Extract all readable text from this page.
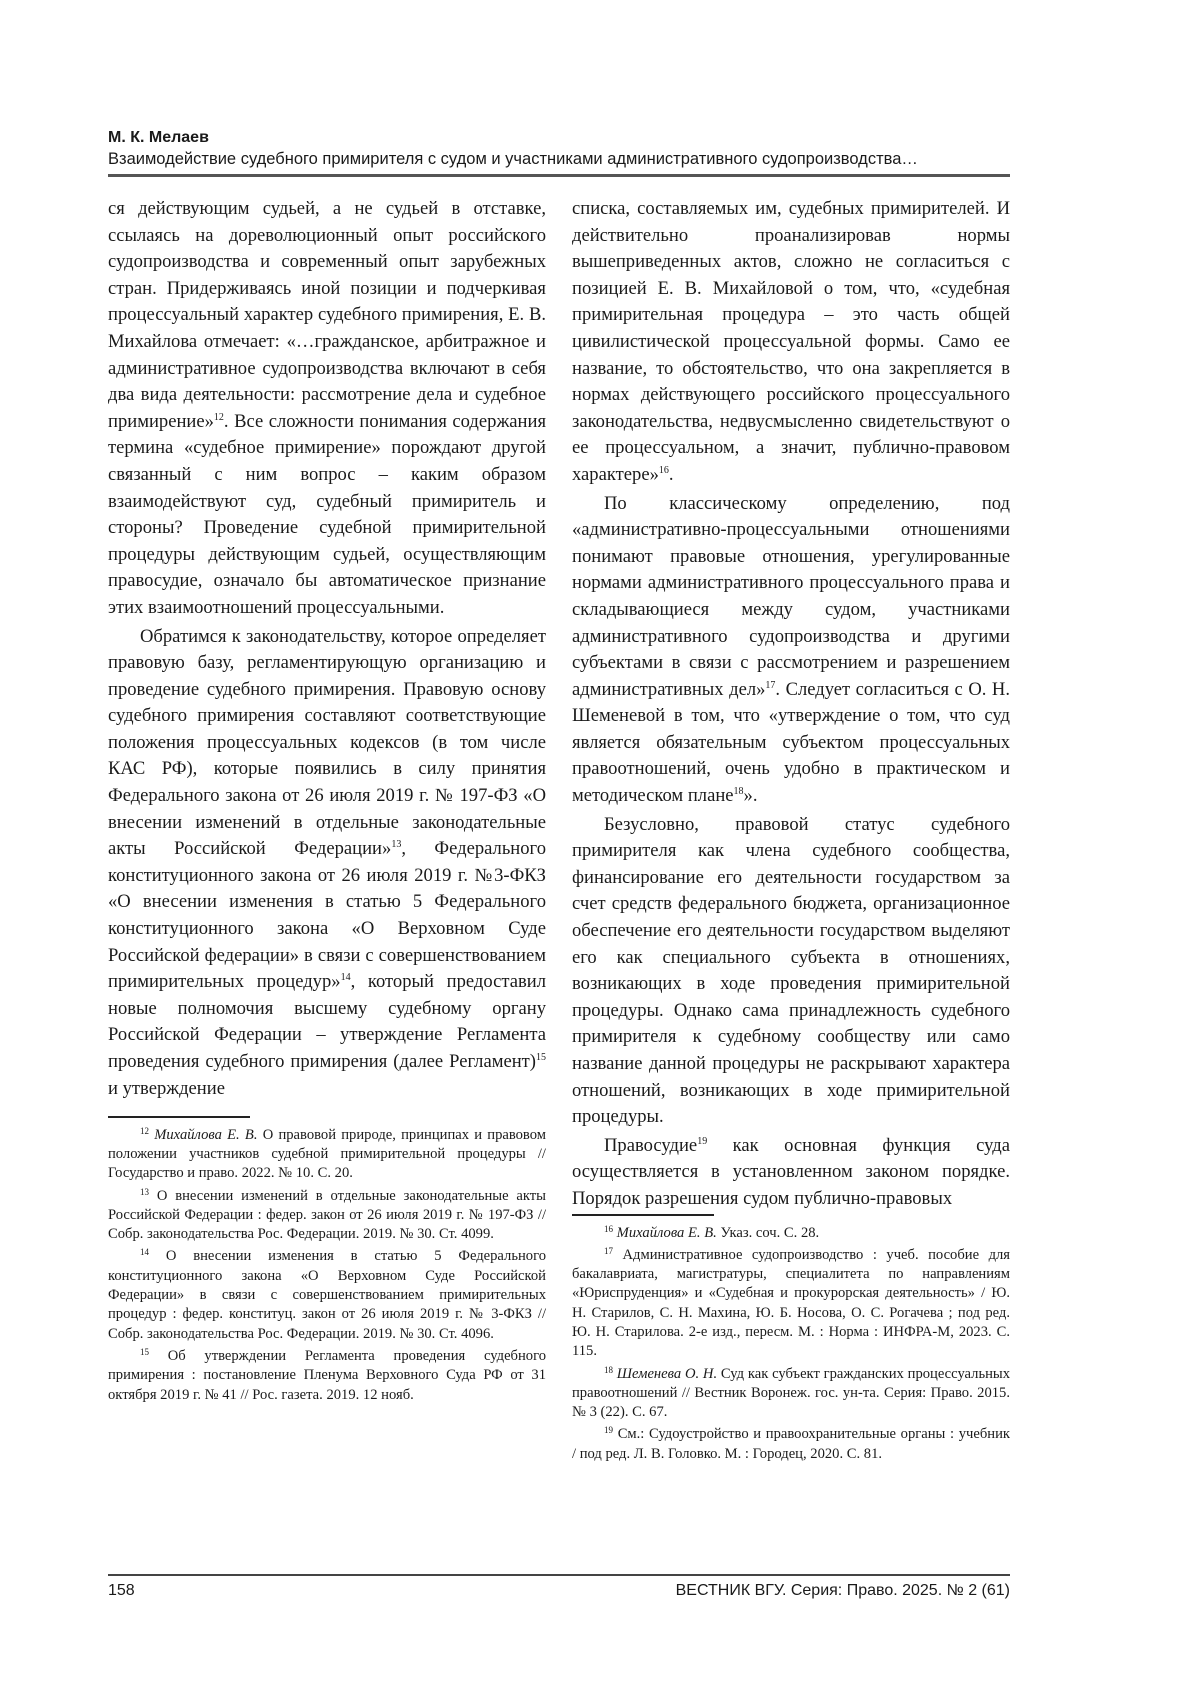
М. К. Мелаев
Взаимодействие судебного примирителя с судом и участниками административного судопроизводства…

ся действующим судьей, а не судьей в отставке, ссылаясь на дореволюционный опыт российского судопроизводства и современный опыт зарубежных стран. Придерживаясь иной позиции и подчеркивая процессуальный характер судебного примирения, Е. В. Михайлова отмечает: «…гражданское, арбитражное и административное судопроизводства включают в себя два вида деятельности: рассмотрение дела и судебное примирение»$^{12}$. Все сложности понимания содержания термина «судебное примирение» порождают другой связанный с ним вопрос – каким образом взаимодействуют суд, судебный примиритель и стороны? Проведение судебной примирительной процедуры действующим судьей, осуществляющим правосудие, означало бы автоматическое признание этих взаимоотношений процессуальными.

Обратимся к законодательству, которое определяет правовую базу, регламентирующую организацию и проведение судебного примирения. Правовую основу судебного примирения составляют соответствующие положения процессуальных кодексов (в том числе КАС РФ), которые появились в силу принятия Федерального закона от 26 июля 2019 г. № 197-ФЗ «О внесении изменений в отдельные законодательные акты Российской Федерации»$^{13}$, Федерального конституционного закона от 26 июля 2019 г. №3-ФКЗ «О внесении изменения в статью 5 Федерального конституционного закона «О Верховном Суде Российской федерации» в связи с совершенствованием примирительных процедур»$^{14}$, который предоставил новые полномочия высшему судебному органу Российской Федерации – утверждение Регламента проведения судебного примирения (далее Регламент)$^{15}$ и утверждение

$^{12}$ Михайлова Е. В. О правовой природе, принципах и правовом положении участников судебной примирительной процедуры // Государство и право. 2022. № 10. С. 20.

$^{13}$ О внесении изменений в отдельные законодательные акты Российской Федерации : федер. закон от 26 июля 2019 г. № 197-ФЗ // Собр. законодательства Рос. Федерации. 2019. № 30. Ст. 4099.

$^{14}$ О внесении изменения в статью 5 Федерального конституционного закона «О Верховном Суде Российской Федерации» в связи с совершенствованием примирительных процедур : федер. конституц. закон от 26 июля 2019 г. № 3-ФКЗ // Собр. законодательства Рос. Федерации. 2019. № 30. Ст. 4096.

$^{15}$ Об утверждении Регламента проведения судебного примирения : постановление Пленума Верховного Суда РФ от 31 октября 2019 г. № 41 // Рос. газета. 2019. 12 нояб.

списка, составляемых им, судебных примирителей. И действительно проанализировав нормы вышеприведенных актов, сложно не согласиться с позицией Е. В. Михайловой о том, что, «судебная примирительная процедура – это часть общей цивилистической процессуальной формы. Само ее название, то обстоятельство, что она закрепляется в нормах действующего российского процессуального законодательства, недвусмысленно свидетельствуют о ее процессуальном, а значит, публично-правовом характере»$^{16}$.

По классическому определению, под «административно-процессуальными отношениями понимают правовые отношения, урегулированные нормами административного процессуального права и складывающиеся между судом, участниками административного судопроизводства и другими субъектами в связи с рассмотрением и разрешением административных дел»$^{17}$. Следует согласиться с О. Н. Шеменевой в том, что «утверждение о том, что суд является обязательным субъектом процессуальных правоотношений, очень удобно в практическом и методическом плане$^{18}$».

Безусловно, правовой статус судебного примирителя как члена судебного сообщества, финансирование его деятельности государством за счет средств федерального бюджета, организационное обеспечение его деятельности государством выделяют его как специального субъекта в отношениях, возникающих в ходе проведения примирительной процедуры. Однако сама принадлежность судебного примирителя к судебному сообществу или само название данной процедуры не раскрывают характера отношений, возникающих в ходе примирительной процедуры.

Правосудие$^{19}$ как основная функция суда осуществляется в установленном законом порядке. Порядок разрешения судом публично-правовых

$^{16}$ Михайлова Е. В. Указ. соч. С. 28.

$^{17}$ Административное судопроизводство : учеб. пособие для бакалавриата, магистратуры, специалитета по направлениям «Юриспруденция» и «Судебная и прокурорская деятельность» / Ю. Н. Старилов, С. Н. Махина, Ю. Б. Носова, О. С. Рогачева ; под ред. Ю. Н. Старилова. 2-е изд., пересм. М. : Норма : ИНФРА-М, 2023. С. 115.

$^{18}$ Шеменева О. Н. Суд как субъект гражданских процессуальных правоотношений // Вестник Воронеж. гос. ун-та. Серия: Право. 2015. № 3 (22). С. 67.

$^{19}$ См.: Судоустройство и правоохранительные органы : учебник / под ред. Л. В. Головко. М. : Городец, 2020. С. 81.

158	ВЕСТНИК ВГУ. Серия: Право. 2025. № 2 (61)
